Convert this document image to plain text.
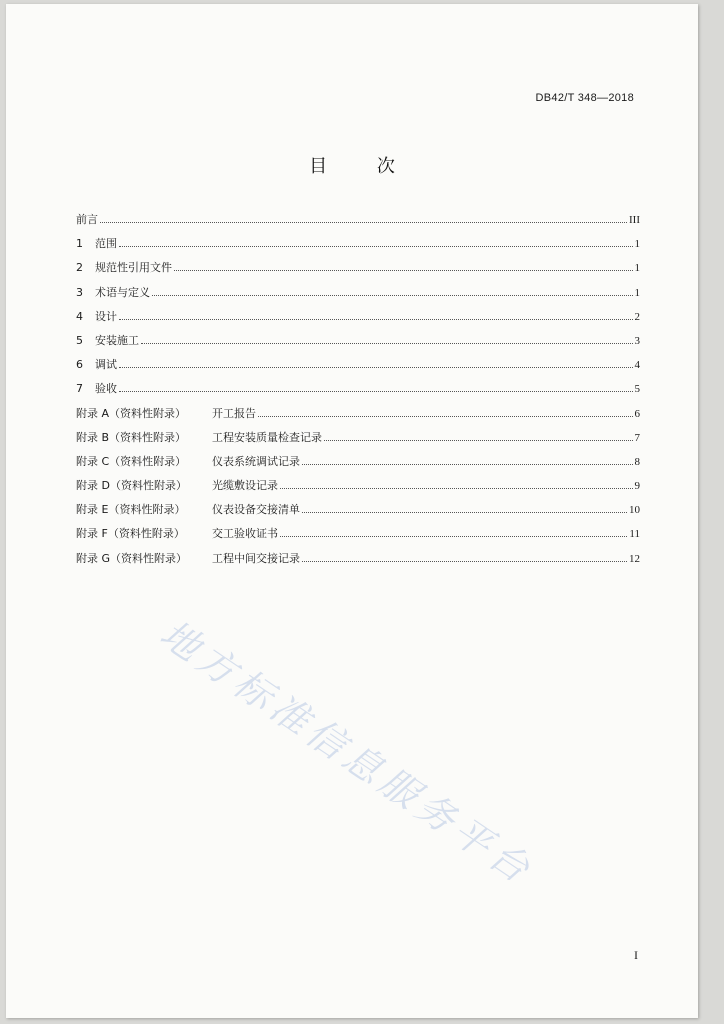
DB42/T 348—2018
目 次
前言	III
1	范围	1
2	规范性引用文件	1
3	术语与定义	1
4	设计	2
5	安装施工	3
6	调试	4
7	验收	5
附录 A（资料性附录）	开工报告	6
附录 B（资料性附录）	工程安装质量检查记录	7
附录 C（资料性附录）	仪表系统调试记录	8
附录 D（资料性附录）	光缆敷设记录	9
附录 E（资料性附录）	仪表设备交接清单	10
附录 F（资料性附录）	交工验收证书	11
附录 G（资料性附录）	工程中间交接记录	12
地方标准信息服务平台
I
